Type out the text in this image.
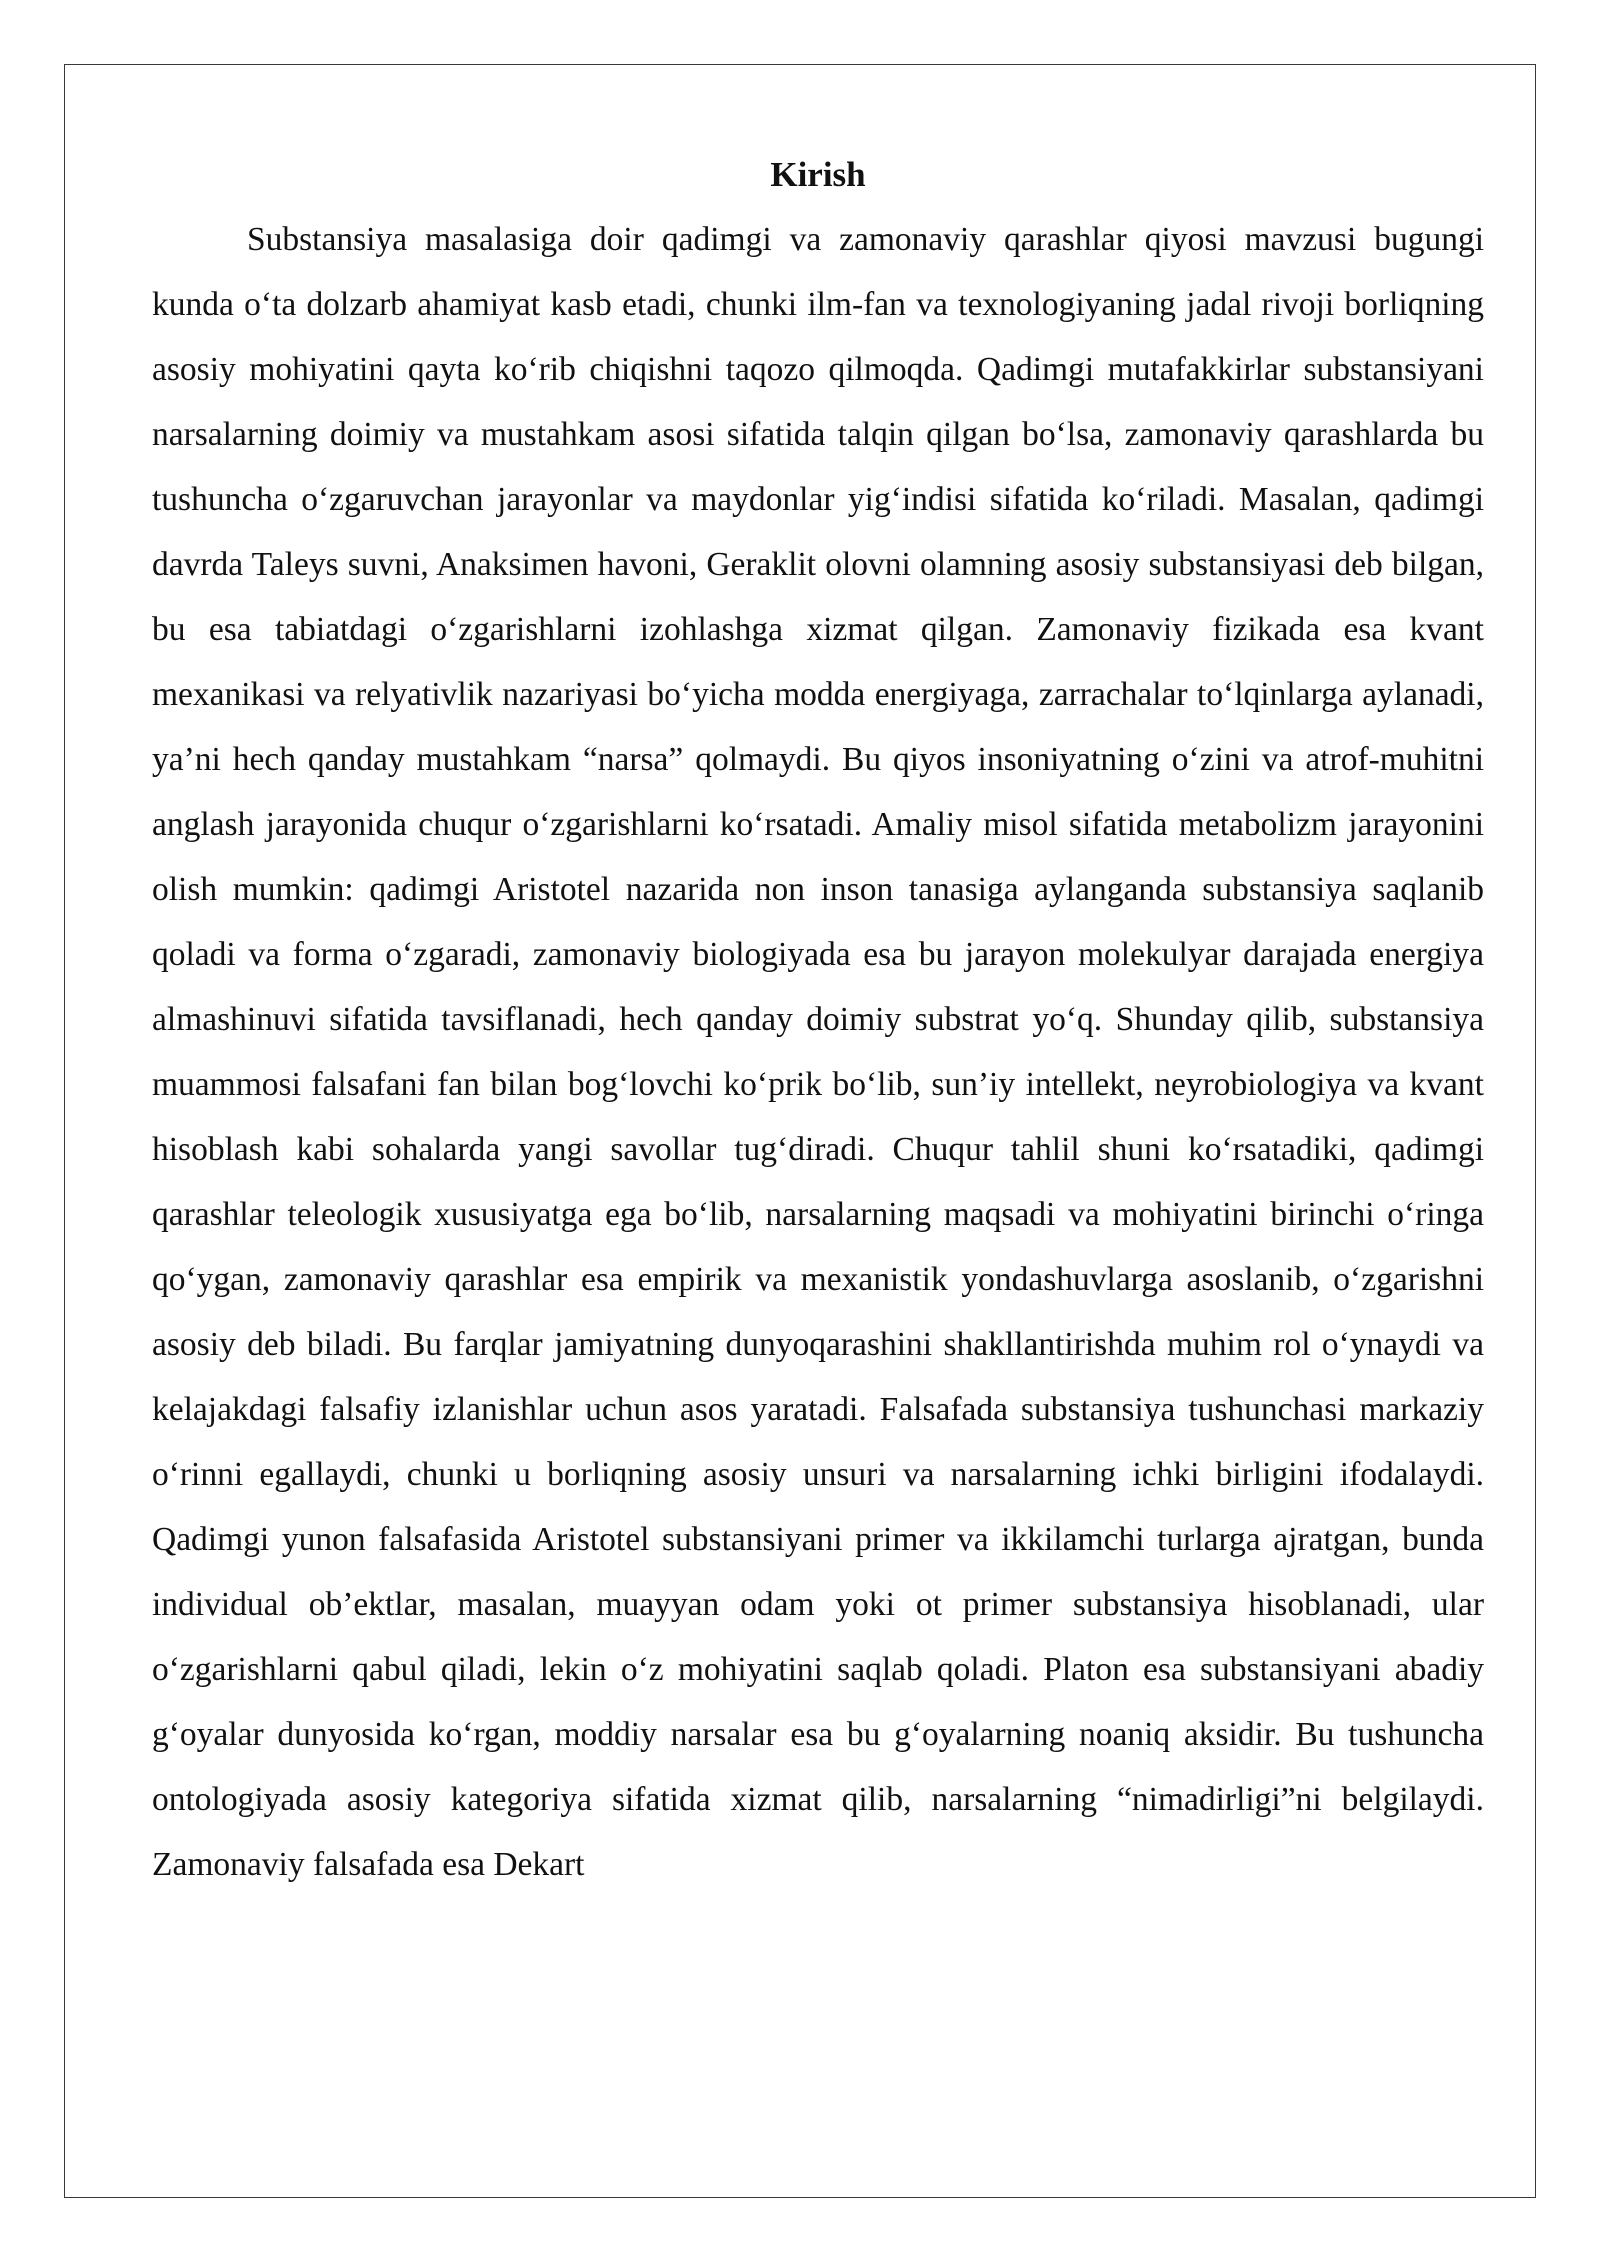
Kirish

Substansiya masalasiga doir qadimgi va zamonaviy qarashlar qiyosi mavzusi bugungi kunda o‘ta dolzarb ahamiyat kasb etadi, chunki ilm-fan va texnologiyaning jadal rivoji borliqning asosiy mohiyatini qayta ko‘rib chiqishni taqozo qilmoqda. Qadimgi mutafakkirlar substansiyani narsalarning doimiy va mustahkam asosi sifatida talqin qilgan bo‘lsa, zamonaviy qarashlarda bu tushuncha o‘zgaruvchan jarayonlar va maydonlar yig‘indisi sifatida ko‘riladi. Masalan, qadimgi davrda Taleys suvni, Anaksimen havoni, Geraklit olovni olamning asosiy substansiyasi deb bilgan, bu esa tabiatdagi o‘zgarishlarni izohlashga xizmat qilgan. Zamonaviy fizikada esa kvant mexanikasi va relyativlik nazariyasi bo‘yicha modda energiyaga, zarrachalar to‘lqinlarga aylanadi, ya’ni hech qanday mustahkam “narsa” qolmaydi. Bu qiyos insoniyatning o‘zini va atrof-muhitni anglash jarayonida chuqur o‘zgarishlarni ko‘rsatadi. Amaliy misol sifatida metabolizm jarayonini olish mumkin: qadimgi Aristotel nazarida non inson tanasiga aylanganda substansiya saqlanib qoladi va forma o‘zgaradi, zamonaviy biologiyada esa bu jarayon molekulyar darajada energiya almashinuvi sifatida tavsiflanadi, hech qanday doimiy substrat yo‘q. Shunday qilib, substansiya muammosi falsafani fan bilan bog‘lovchi ko‘prik bo‘lib, sun’iy intellekt, neyrobiologiya va kvant hisoblash kabi sohalarda yangi savollar tug‘diradi. Chuqur tahlil shuni ko‘rsatadiki, qadimgi qarashlar teleologik xususiyatga ega bo‘lib, narsalarning maqsadi va mohiyatini birinchi o‘ringa qo‘ygan, zamonaviy qarashlar esa empirik va mexanistik yondashuvlarga asoslanib, o‘zgarishni asosiy deb biladi. Bu farqlar jamiyatning dunyoqarashini shakllantirishda muhim rol o‘ynaydi va kelajakdagi falsafiy izlanishlar uchun asos yaratadi. Falsafada substansiya tushunchasi markaziy o‘rinni egallaydi, chunki u borliqning asosiy unsuri va narsalarning ichki birligini ifodalaydi. Qadimgi yunon falsafasida Aristotel substansiyani primer va ikkilamchi turlarga ajratgan, bunda individual ob’ektlar, masalan, muayyan odam yoki ot primer substansiya hisoblanadi, ular o‘zgarishlarni qabul qiladi, lekin o‘z mohiyatini saqlab qoladi. Platon esa substansiyani abadiy g‘oyalar dunyosida ko‘rgan, moddiy narsalar esa bu g‘oyalarning noaniq aksidir. Bu tushuncha ontologiyada asosiy kategoriya sifatida xizmat qilib, narsalarning “nimadirligi”ni belgilaydi. Zamonaviy falsafada esa Dekart
